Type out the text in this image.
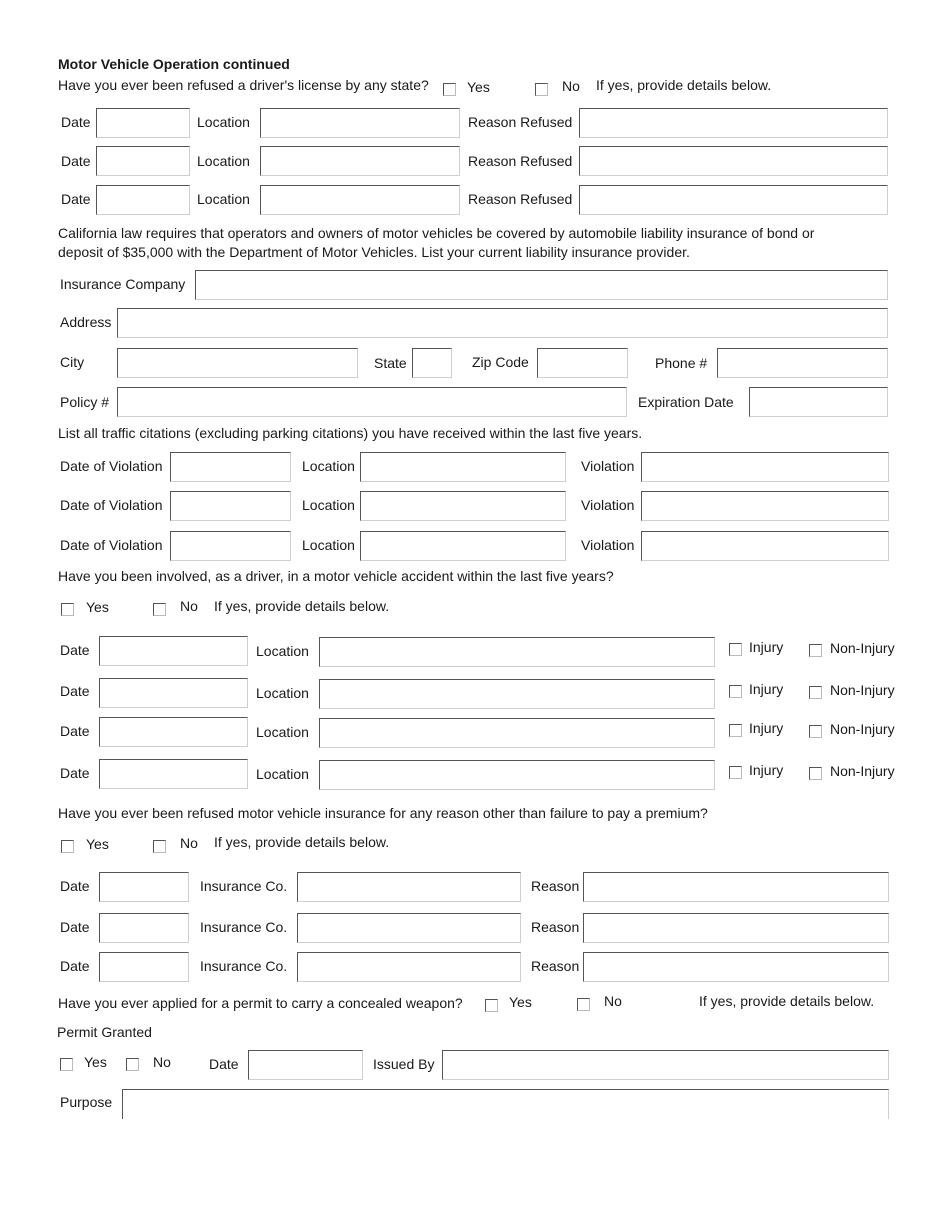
Motor Vehicle Operation continued
Have you ever been refused a driver's license by any state?	Yes	No If yes, provide details below.
Date	Location	Reason Refused
Date	Location	Reason Refused
Date	Location	Reason Refused
California law requires that operators and owners of motor vehicles be covered by automobile liability insurance of bond or
deposit of $35,000 with the Department of Motor Vehicles. List your current liability insurance provider.
Insurance Company
Address
City	State	Zip Code	Phone #
Policy #	Expiration Date
List all traffic citations (excluding parking citations) you have received within the last five years.
Date of Violation	Location	Violation
Date of Violation	Location	Violation
Date of Violation	Location	Violation
Have you been involved, as a driver, in a motor vehicle accident within the last five years?
Yes	No If yes, provide details below.
Date	Location	Injury	Non-Injury
Date	Location	Injury	Non-Injury
Date	Location	Injury	Non-Injury
Date	Location	Injury	Non-Injury
Have you ever been refused motor vehicle insurance for any reason other than failure to pay a premium?
Yes	No If yes, provide details below.
Date	Insurance Co.	Reason
Date	Insurance Co.	Reason
Date	Insurance Co.	Reason
Have you ever applied for a permit to carry a concealed weapon?	Yes	No	If yes, provide details below.
Permit Granted
Yes	No	Date	Issued By
Purpose
